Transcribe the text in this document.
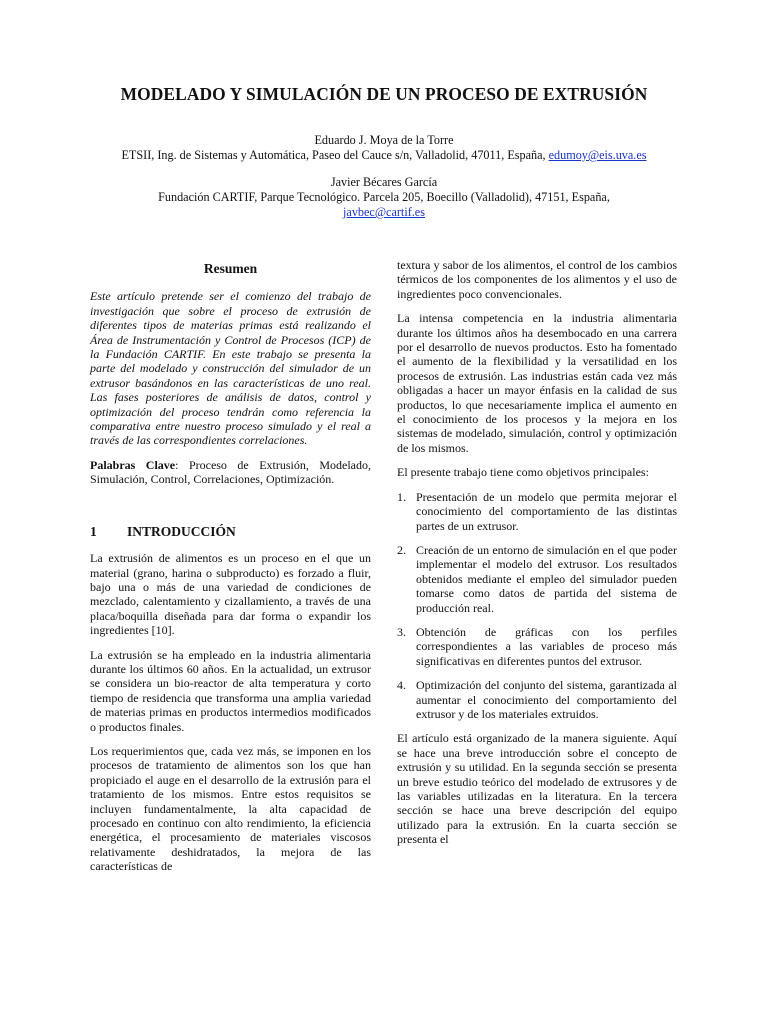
MODELADO Y SIMULACIÓN DE UN PROCESO DE EXTRUSIÓN
Eduardo J. Moya de la Torre
ETSII, Ing. de Sistemas y Automática, Paseo del Cauce s/n, Valladolid, 47011, España, edumoy@eis.uva.es
Javier Bécares García
Fundación CARTIF, Parque Tecnológico. Parcela 205, Boecillo (Valladolid), 47151, España,
javbec@cartif.es
Resumen

Este artículo pretende ser el comienzo del trabajo de investigación que sobre el proceso de extrusión de diferentes tipos de materias primas está realizando el Área de Instrumentación y Control de Procesos (ICP) de la Fundación CARTIF. En este trabajo se presenta la parte del modelado y construcción del simulador de un extrusor basándonos en las características de uno real. Las fases posteriores de análisis de datos, control y optimización del proceso tendrán como referencia la comparativa entre nuestro proceso simulado y el real a través de las correspondientes correlaciones.

Palabras Clave: Proceso de Extrusión, Modelado, Simulación, Control, Correlaciones, Optimización.

1 INTRODUCCIÓN

La extrusión de alimentos es un proceso en el que un material (grano, harina o subproducto) es forzado a fluir, bajo una o más de una variedad de condiciones de mezclado, calentamiento y cizallamiento, a través de una placa/boquilla diseñada para dar forma o expandir los ingredientes [10].

La extrusión se ha empleado en la industria alimentaria durante los últimos 60 años. En la actualidad, un extrusor se considera un bio-reactor de alta temperatura y corto tiempo de residencia que transforma una amplia variedad de materias primas en productos intermedios modificados o productos finales.

Los requerimientos que, cada vez más, se imponen en los procesos de tratamiento de alimentos son los que han propiciado el auge en el desarrollo de la extrusión para el tratamiento de los mismos. Entre estos requisitos se incluyen fundamentalmente, la alta capacidad de procesado en continuo con alto rendimiento, la eficiencia energética, el procesamiento de materiales viscosos relativamente deshidratados, la mejora de las características de

textura y sabor de los alimentos, el control de los cambios térmicos de los componentes de los alimentos y el uso de ingredientes poco convencionales.

La intensa competencia en la industria alimentaria durante los últimos años ha desembocado en una carrera por el desarrollo de nuevos productos. Esto ha fomentado el aumento de la flexibilidad y la versatilidad en los procesos de extrusión. Las industrias están cada vez más obligadas a hacer un mayor énfasis en la calidad de sus productos, lo que necesariamente implica el aumento en el conocimiento de los procesos y la mejora en los sistemas de modelado, simulación, control y optimización de los mismos.

El presente trabajo tiene como objetivos principales:

1. Presentación de un modelo que permita mejorar el conocimiento del comportamiento de las distintas partes de un extrusor.
2. Creación de un entorno de simulación en el que poder implementar el modelo del extrusor. Los resultados obtenidos mediante el empleo del simulador pueden tomarse como datos de partida del sistema de producción real.
3. Obtención de gráficas con los perfiles correspondientes a las variables de proceso más significativas en diferentes puntos del extrusor.
4. Optimización del conjunto del sistema, garantizada al aumentar el conocimiento del comportamiento del extrusor y de los materiales extruidos.

El artículo está organizado de la manera siguiente. Aquí se hace una breve introducción sobre el concepto de extrusión y su utilidad. En la segunda sección se presenta un breve estudio teórico del modelado de extrusores y de las variables utilizadas en la literatura. En la tercera sección se hace una breve descripción del equipo utilizado para la extrusión. En la cuarta sección se presenta el
